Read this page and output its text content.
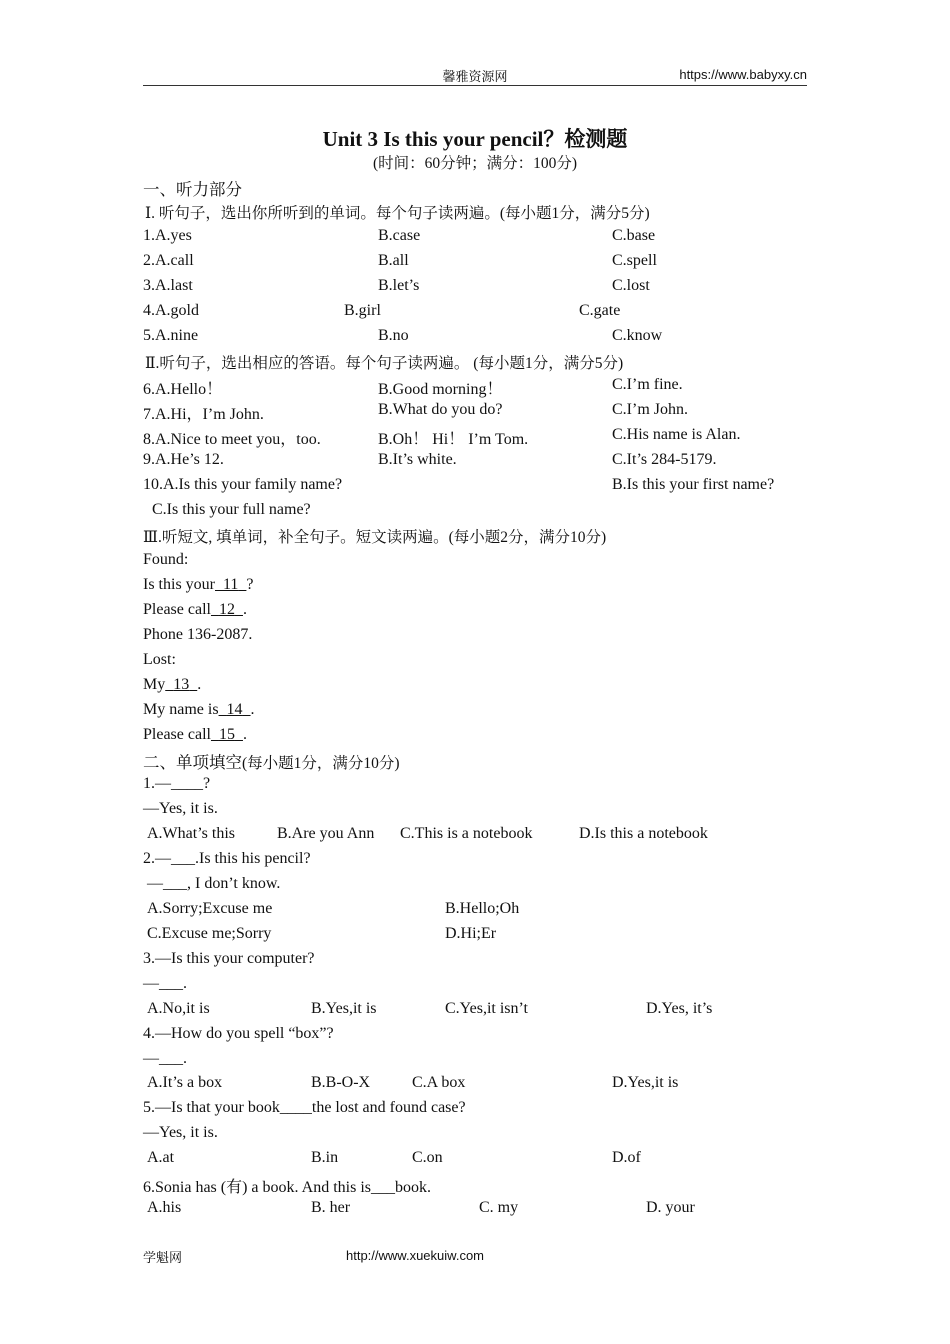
馨雅资源网	https://www.babyxy.cn
Unit 3 Is this your pencil？检测题
(时间：60分钟；满分：100分)
一、听力部分
Ⅰ. 听句子，选出你所听到的单词。每个句子读两遍。(每小题1分，满分5分)
1.A.yes	B.case	C.base
2.A.call	B.all	C.spell
3.A.last	B.let’s	C.lost
4.A.gold	B.girl	C.gate
5.A.nine	B.no	C.know
Ⅱ.听句子，选出相应的答语。每个句子读两遍。 (每小题1分，满分5分)
6.A.Hello！	B.Good morning！	C.I’m fine.
7.A.Hi，I’m John.	B.What do you do?	C.I’m John.
8.A.Nice to meet you，too.	B.Oh！ Hi！ I’m Tom.	C.His name is Alan.
9.A.He’s 12.	B.It’s white.	C.It’s 284-5179.
10.A.Is this your family name?	B.Is this your first name?
C.Is this your full name?
Ⅲ.听短文, 填单词，补全句子。短文读两遍。(每小题2分，满分10分)
Found:
Is this your 11 ?
Please call 12 .
Phone 136-2087.
Lost:
My 13 .
My name is 14 .
Please call 15 .
二、单项填空(每小题1分，满分10分)
1.—____?
—Yes, it is.
A.What’s this	B.Are you Ann C.This is a notebook	D.Is this a notebook
2.—___.Is this his pencil?
—___, I don’t know.
A.Sorry;Excuse me	B.Hello;Oh
C.Excuse me;Sorry	D.Hi;Er
3.—Is this your computer?
—___.
A.No,it is	B.Yes,it is	C.Yes,it isn’t	D.Yes, it’s
4.—How do you spell “box”?
—___.
A.It’s a box	B.B-O-X	C.A box	D.Yes,it is
5.—Is that your book____the lost and found case?
—Yes, it is.
A.at	B.in	C.on	D.of
6.Sonia has (有) a book. And this is___book.
A.his	B. her	C. my	D. your
学魁网	http://www.xuekuiw.com
